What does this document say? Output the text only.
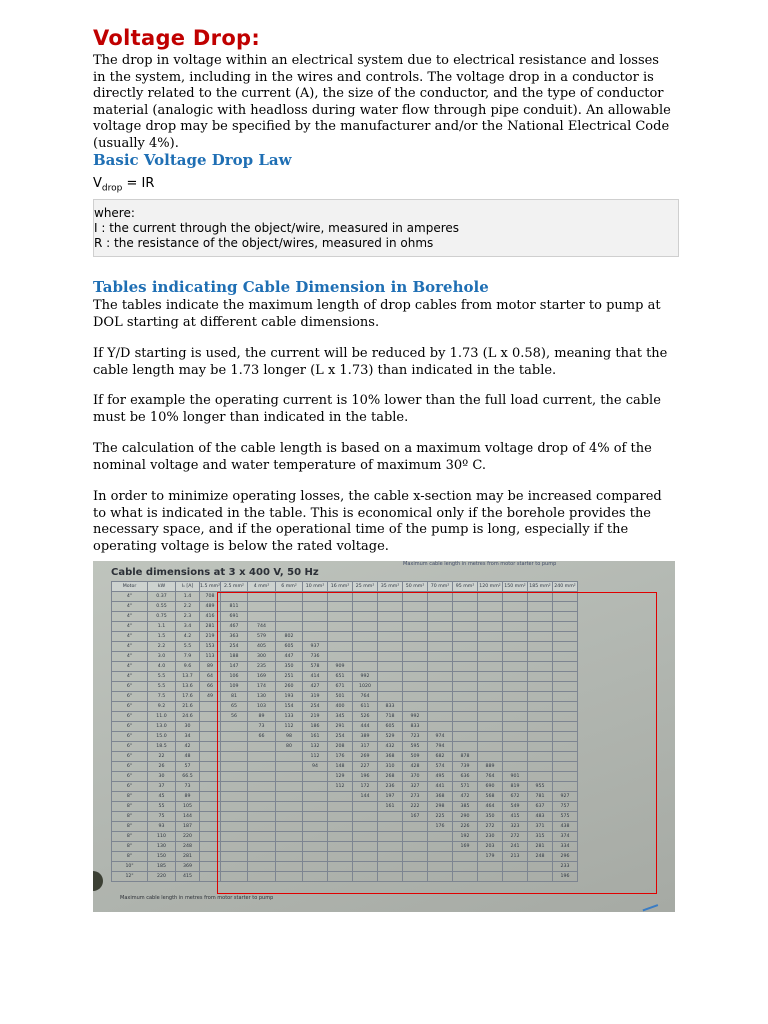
Voltage Drop:

The drop in voltage within an electrical system due to electrical resistance and losses in the system, including in the wires and controls. The voltage drop in a conductor is directly related to the current (A), the size of the conductor, and the type of conductor material (analogic with headloss during water flow through pipe conduit). An allowable voltage drop may be specified by the manufacturer and/or the National Electrical Code (usually 4%).

Basic Voltage Drop Law
$V_{drop}$ = IR
where:
I : the current through the object/wire, measured in amperes
R : the resistance of the object/wires, measured in ohms
Tables indicating Cable Dimension in Borehole

The tables indicate the maximum length of drop cables from motor starter to pump at DOL starting at different cable dimensions.

If Y/D starting is used, the current will be reduced by 1.73 (L x 0.58), meaning that the cable length may be 1.73 longer (L x 1.73) than indicated in the table.

If for example the operating current is 10% lower than the full load current, the cable must be 10% longer than indicated in the table.

The calculation of the cable length is based on a maximum voltage drop of 4% of the nominal voltage and water temperature of maximum 30º C.

In order to minimize operating losses, the cable x-section may be increased compared to what is indicated in the table. This is economical only if the borehole provides the necessary space, and if the operational time of the pump is long, especially if the operating voltage is below the rated voltage.

Maximum cable length in metres from motor starter to pump
Cable dimensions at 3 x 400 V, 50 Hz
Motor	kW	Iₙ [A]	1.5 mm²	2.5 mm²	4 mm²	6 mm²	10 mm²	16 mm²	25 mm²	35 mm²	50 mm²	70 mm²	95 mm²	120 mm²	150 mm²	185 mm²	240 mm²
4"	0.37	1.4	708														
4"	0.55	2.2	489	811													
4"	0.75	2.3	416	691													
4"	1.1	3.4	281	467	744												
4"	1.5	4.2	219	363	579	802											
4"	2.2	5.5	153	254	405	605	937										
4"	3.0	7.9	113	188	300	447	736										
4"	4.0	9.6	89	147	235	350	578	909									
4"	5.5	13.7	64	106	169	251	414	651	992								
6"	5.5	13.6	66	109	174	260	427	671	1020								
6"	7.5	17.6	49	81	130	193	319	501	764								
6"	9.2	21.6		65	103	154	254	400	611	833							
6"	11.0	24.6		56	89	133	219	345	526	718	992						
6"	13.0	30			73	112	186	291	444	605	833						
6"	15.0	34			66	98	161	254	389	529	723	974					
6"	18.5	42				80	132	208	317	432	595	794					
6"	22	48					112	176	269	368	509	682	878				
6"	26	57					94	148	227	310	428	574	739	889			
6"	30	66.5						129	196	268	370	495	636	764	901		
6"	37	73						112	172	236	327	441	571	690	819	955	
8"	45	89							144	197	273	368	472	568	672	781	927
8"	55	105								161	222	298	385	464	549	637	757
8"	75	144									167	225	290	350	415	483	575
8"	93	187										176	226	272	323	371	438
8"	110	220											192	230	272	315	374
8"	130	248											169	203	241	281	334
8"	150	281												179	213	248	296
10"	185	369															233
12"	220	415															196
Maximum cable length in metres from motor starter to pump
